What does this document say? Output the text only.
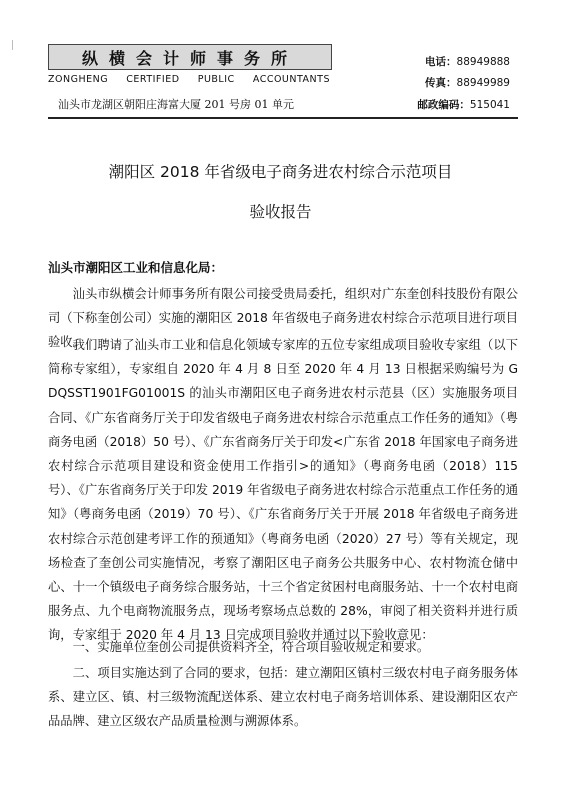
纵横会计师事务所
ZONGHENG CERTIFIED PUBLIC ACCOUNTANTS
汕头市龙湖区朝阳庄海富大厦 201 号房 01 单元
电话：88949888
传真：88949989
邮政编码：515041
潮阳区 2018 年省级电子商务进农村综合示范项目
验收报告
汕头市潮阳区工业和信息化局：

汕头市纵横会计师事务所有限公司接受贵局委托，组织对广东奎创科技股份有限公司（下称奎创公司）实施的潮阳区 2018 年省级电子商务进农村综合示范项目进行项目验收。

我们聘请了汕头市工业和信息化领域专家库的五位专家组成项目验收专家组（以下简称专家组），专家组自 2020 年 4 月 8 日至 2020 年 4 月 13 日根据采购编号为 GDQSST1901FG01001S 的汕头市潮阳区电子商务进农村示范县（区）实施服务项目合同、《广东省商务厅关于印发省级电子商务进农村综合示范重点工作任务的通知》（粤商务电函（2018）50 号）、《广东省商务厅关于印发<广东省 2018 年国家电子商务进农村综合示范项目建设和资金使用工作指引>的通知》（粤商务电函（2018）115 号）、《广东省商务厅关于印发 2019 年省级电子商务进农村综合示范重点工作任务的通知》（粤商务电函（2019）70 号）、《广东省商务厅关于开展 2018 年省级电子商务进农村综合示范创建考评工作的预通知》（粤商务电函（2020）27 号）等有关规定，现场检查了奎创公司实施情况，考察了潮阳区电子商务公共服务中心、农村物流仓储中心、十一个镇级电子商务综合服务站，十三个省定贫困村电商服务站、十一个农村电商服务点、九个电商物流服务点，现场考察场点总数的 28%，审阅了相关资料并进行质询，专家组于 2020 年 4 月 13 日完成项目验收并通过以下验收意见：

一、实施单位奎创公司提供资料齐全，符合项目验收规定和要求。

二、项目实施达到了合同的要求，包括：建立潮阳区镇村三级农村电子商务服务体系、建立区、镇、村三级物流配送体系、建立农村电子商务培训体系、建设潮阳区农产品品牌、建立区级农产品质量检测与溯源体系。
